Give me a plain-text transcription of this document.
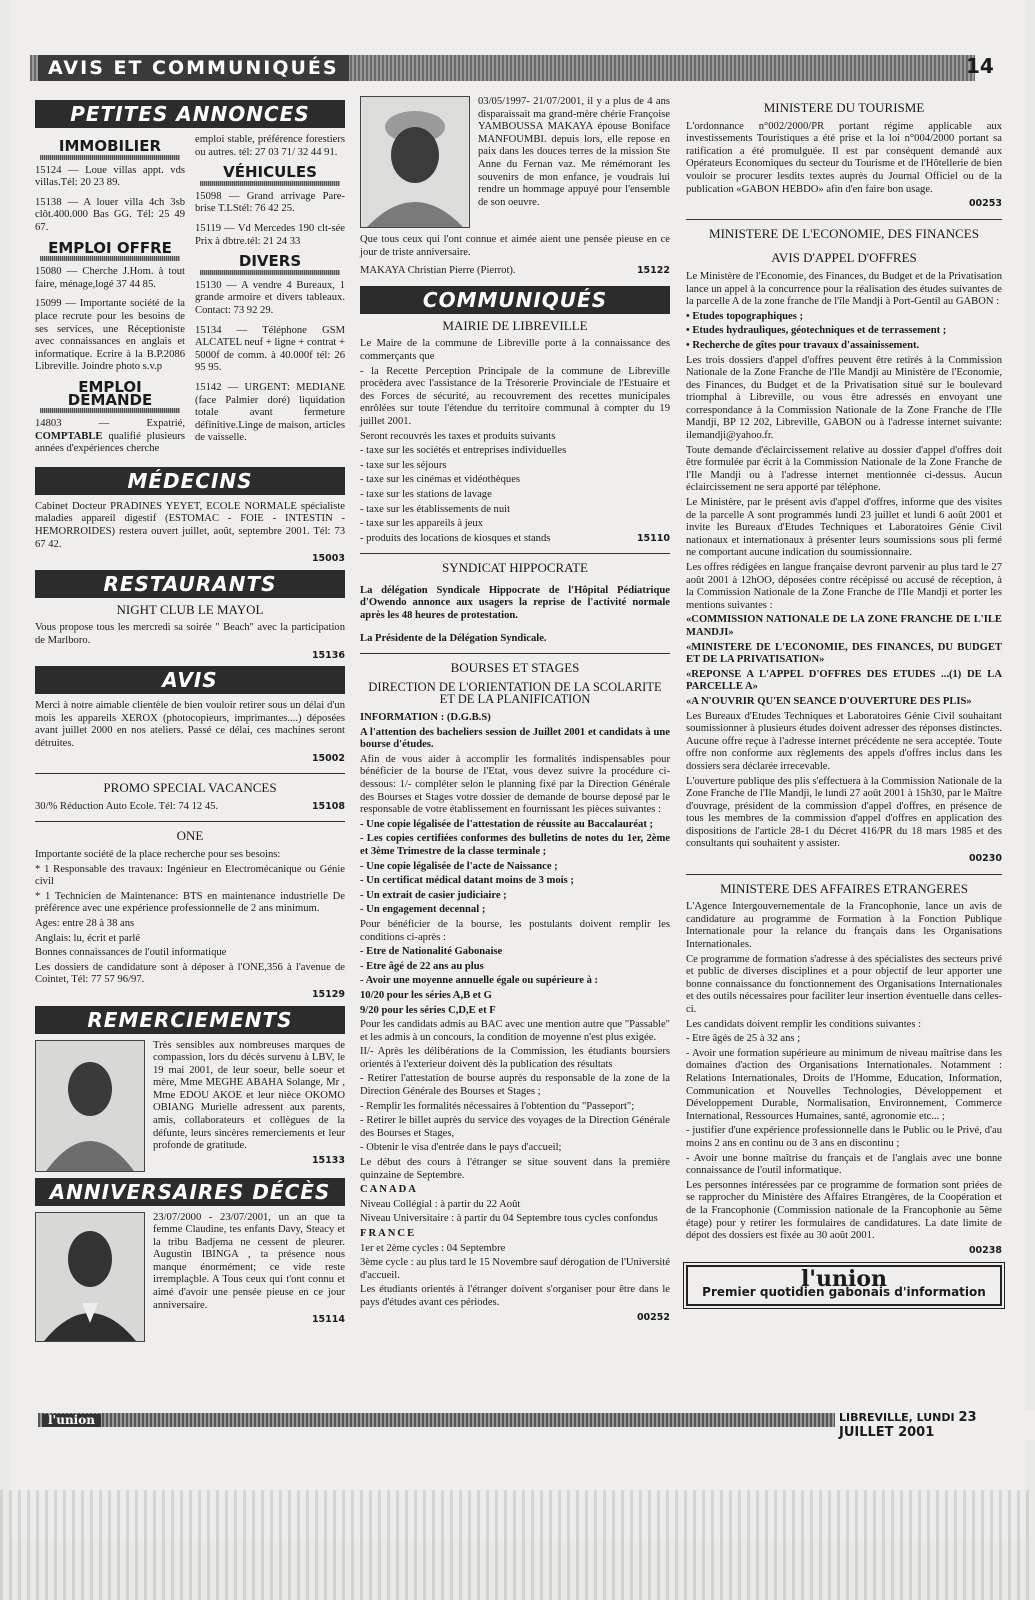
AVIS ET COMMUNIQUÉS	14
PETITES ANNONCES
IMMOBILIER
15124 — Loue villas appt. vds villas.Tél: 20 23 89.
15138 — A louer villa 4ch 3sb clôt.400.000 Bas GG. Tél: 25 49 67.
EMPLOI OFFRE
15080 — Cherche J.Hom. à tout faire, ménage,logé 37 44 85.
15099 — Importante société de la place recrute pour les besoins de ses services, une Réceptioniste avec connaissances en anglais et informatique. Ecrire à la B.P.2086 Libreville. Joindre photo s.v.p
EMPLOI DEMANDE
14803 — Expatrié, COMPTABLE qualifié plusieurs années d'expériences cherche
emploi stable, préférence forestiers ou autres. tél: 27 03 71/ 32 44 91.
VÉHICULES
15098 — Grand arrivage Pare-brise T.LStél: 76 42 25.
15119 — Vd Mercedes 190 clt-sée Prix à dbtre.tél: 21 24 33
DIVERS
15130 — A vendre 4 Bureaux, 1 grande armoire et divers tableaux. Contact: 73 92 29.
15134 — Téléphone GSM ALCATEL neuf + ligne + contrat + 5000f de comm. à 40.000f tél: 26 95 95.
15142 — URGENT: MEDIANE (face Palmier doré) liquidation totale avant fermeture définitive.Linge de maison, articles de vaisselle.
MÉDECINS

Cabinet Docteur PRADINES YEYET, ECOLE NORMALE spécialiste maladies appareil digestif (ESTOMAC - FOIE - INTESTIN - HEMORROIDES) restera ouvert juillet, août, septembre 2001. Tél: 73 67 42.

15003

RESTAURANTS
NIGHT CLUB LE MAYOL

Vous propose tous les mercredi sa soirée " Beach" avec la participation de Marlboro.

15136

AVIS

Merci à notre aimable clientèle de bien vouloir retirer sous un délai d'un mois les appareils XEROX (photocopieurs, imprimantes....) déposées avant juillet 2000 en nos ateliers. Passé ce délai, ces machines seront détruites.

15002

PROMO SPECIAL VACANCES

15108
30/% Réduction Auto Ecole. Tél: 74 12 45.

ONE

Importante société de la place recherche pour ses besoins:

* 1 Responsable des travaux: Ingénieur en Electromécanique ou Génie civil

* 1 Technicien de Maintenance: BTS en maintenance industrielle De préférence avec une expérience professionnelle de 2 ans minimum.

Ages: entre 28 à 38 ans

Anglais: lu, écrit et parlé

Bonnes connaissances de l'outil informatique

Les dossiers de candidature sont à déposer à l'ONE,356 à l'avenue de Cointet, Tél: 77 57 96/97.

15129

REMERCIEMENTS

Très sensibles aux nombreuses marques de compassion, lors du décès survenu à LBV, le 19 mai 2001, de leur soeur, belle soeur et mère, Mme MEGHE ABAHA Solange, Mr , Mme EDOU AKOE et leur nièce OKOMO OBIANG Murielle adressent aux parents, amis, collaborateurs et collègues de la défunte, leurs sincères remerciements et leur profonde de gratitude.

15133

ANNIVERSAIRES DÉCÈS

23/07/2000 - 23/07/2001, un an que ta femme Claudine, tes enfants Davy, Steacy et la tribu Badjema ne cessent de pleurer. Augustin IBINGA , ta présence nous manque énormément; ce vide reste irremplaçble. A Tous ceux qui t'ont connu et aimé d'avoir une pensée pieuse en ce jour anniversaire.

15114

03/05/1997- 21/07/2001, il y a plus de 4 ans disparaissait ma grand-mère chérie Françoise YAMBOUSSA MAKAYA épouse Boniface MANFOUMBI. depuis lors, elle repose en paix dans les douces terres de la mission Ste Anne du Fernan vaz. Me rémémorant les souvenirs de mon enfance, je voudrais lui rendre un hommage appuyé pour l'ensemble de son oeuvre.

Que tous ceux qui l'ont connue et aimée aient une pensée pieuse en ce jour de triste anniversaire.

15122
MAKAYA Christian Pierre (Pierrot).

COMMUNIQUÉS
MAIRIE DE LIBREVILLE

Le Maire de la commune de Libreville porte à la connaissance des commerçants que

- la Recette Perception Principale de la commune de Libreville procèdera avec l'assistance de la Trésorerie Provinciale de l'Estuaire et des Forces de sécurité, au recouvrement des recettes municipales enrôlées sur toute l'étendue du territoire communal à compter du 19 juillet 2001.

Seront recouvrés les taxes et produits suivants

- taxe sur les sociétés et entreprises individuelles

- taxe sur les séjours

- taxe sur les cinémas et vidéothèques

- taxe sur les stations de lavage

- taxe sur les établissements de nuit

- taxe sur les appareils à jeux

15110
- produits des locations de kiosques et stands

SYNDICAT HIPPOCRATE

La délégation Syndicale Hippocrate de l'Hôpital Pédiatrique d'Owendo annonce aux usagers la reprise de l'activité normale après les 48 heures de protestation.

La Présidente de la Délégation Syndicale.

BOURSES ET STAGES
DIRECTION DE L'ORIENTATION DE LA SCOLARITE ET DE LA PLANIFICATION

INFORMATION : (D.G.B.S)

A l'attention des bacheliers session de Juillet 2001 et candidats à une bourse d'études.

Afin de vous aider à accomplir les formalités indispensables pour bénéficier de la bourse de l'Etat, vous devez suivre la procédure ci-dessous: 1/- compléter selon le planning fixé par la Direction Générale des Bourses et Stages votre dossier de demande de bourse deposé par le responsable de votre établissement en fournissant les pièces suivantes :

- Une copie légalisée de l'attestation de réussite au Baccalauréat ;

- Les copies certifiées conformes des bulletins de notes du 1er, 2ème et 3ème Trimestre de la classe terminale ;

- Une copie légalisée de l'acte de Naissance ;

- Un certificat médical datant moins de 3 mois ;

- Un extrait de casier judiciaire ;

- Un engagement decennal ;

Pour bénéficier de la bourse, les postulants doivent remplir les conditions ci-après :

- Etre de Nationalité Gabonaise

- Etre âgé de 22 ans au plus

- Avoir une moyenne annuelle égale ou supérieure à :

10/20 pour les séries A,B et G

9/20 pour les séries C,D,E et F

Pour les candidats admis au BAC avec une mention autre que "Passable" et les admis à un concours, la condition de moyenne n'est plus exigée.

II/- Après les délibérations de la Commission, les étudiants boursiers orientés à l'exterieur doivent dès la publication des résultats

- Retirer l'attestation de bourse auprès du responsable de la zone de la Direction Générale des Bourses et Stages ;

- Remplir les formalités nécessaires à l'obtention du "Passeport";

- Retirer le billet auprès du service des voyages de la Direction Générale des Bourses et Stages,

- Obtenir le visa d'entrée dans le pays d'accueil;

Le début des cours à l'étranger se situe souvent dans la première quinzaine de Septembre.

CANADA

Niveau Collégial : à partir du 22 Août

Niveau Universitaire : à partir du 04 Septembre tous cycles confondus

FRANCE

1er et 2ème cycles : 04 Septembre

3ème cycle : au plus tard le 15 Novembre sauf dérogation de l'Université d'accueil.

Les étudiants orientés à l'étranger doivent s'organiser pour être dans le pays d'études avant ces périodes.

00252

MINISTERE DU TOURISME

L'ordonnance n°002/2000/PR portant régime applicable aux investissements Touristiques a été prise et la loi n°004/2000 portant sa ratification a été promulguée. Il est par conséquent demandé aux Opérateurs Economiques du secteur du Tourisme et de l'Hôtellerie de bien vouloir se procurer lesdits textes auprès du Journal Officiel ou de la publication «GABON HEBDO» afin d'en faire bon usage.

00253

MINISTERE DE L'ECONOMIE, DES FINANCES
AVIS D'APPEL D'OFFRES

Le Ministère de l'Economie, des Finances, du Budget et de la Privatisation lance un appel à la concurrence pour la réalisation des études suivantes de la parcelle A de la zone franche de l'île Mandji à Port-Gentil au GABON :

• Etudes topographiques ;

• Etudes hydrauliques, géotechniques et de terrassement ;

• Recherche de gîtes pour travaux d'assainissement.

Les trois dossiers d'appel d'offres peuvent être retirés à la Commission Nationale de la Zone Franche de l'Ile Mandji au Ministère de l'Economie, des Finances, du Budget et de la Privatisation situé sur le boulevard triomphal à Libreville, ou vous être adressés en envoyant une correspondance à la Commission Nationale de la Zone Franche de l'Ile Mandji, BP 12 202, Libreville, GABON ou à l'adresse internet suivante: ilemandji@yahoo.fr.

Toute demande d'éclaircissement relative au dossier d'appel d'offres doit être formulée par écrit à la Commission Nationale de la Zone Franche de l'Ile Mandji ou à l'adresse internet mentionnée ci-dessus. Aucun éclaircissement ne sera apporté par téléphone.

Le Ministère, par le présent avis d'appel d'offres, informe que des visites de la parcelle A sont programmés lundi 23 juillet et lundi 6 août 2001 et invite les Bureaux d'Etudes Techniques et Laboratoires Génie Civil nationaux et internationaux à présenter leurs soumissions sous pli fermé ne comportant aucune indication du soumissionnaire.

Les offres rédigées en langue française devront parvenir au plus tard le 27 août 2001 à 12hOO, déposées contre récépissé ou accusé de réception, à la Commission Nationale de la Zone Franche de l'Ile Mandji et porter les mentions suivantes :

«COMMISSION NATIONALE DE LA ZONE FRANCHE DE L'ILE MANDJI»

«MINISTERE DE L'ECONOMIE, DES FINANCES, DU BUDGET ET DE LA PRIVATISATION»

«REPONSE A L'APPEL D'OFFRES DES ETUDES ...(1) DE LA PARCELLE A»

«A N'OUVRIR QU'EN SEANCE D'OUVERTURE DES PLIS»

Les Bureaux d'Etudes Techniques et Laboratoires Génie Civil souhaitant soumissionner à plusieurs études doivent adresser des réponses distinctes. Aucune offre reçue à l'adresse internet précédente ne sera acceptée. Toute offre non conforme aux règlements des appels d'offres inclus dans les dossiers sera déclarée irrecevable.

L'ouverture publique des plis s'effectuera à la Commission Nationale de la Zone Franche de l'Ile Mandji, le lundi 27 août 2001 à 15h30, par le Maître d'ouvrage, président de la commission d'appel d'offres, en présence de tous les membres de la commission d'appel d'offres en application des dispositions de l'article 28-1 du Décret 416/PR du 18 mars 1985 et des consultants qui souhaitent y assister.

00230

MINISTERE DES AFFAIRES ETRANGERES

L'Agence Intergouvernementale de la Francophonie, lance un avis de candidature au programme de Formation à la Fonction Publique Internationale pour la relance du français dans les Organisations Internationales.

Ce programme de formation s'adresse à des spécialistes des secteurs privé et public de diverses disciplines et a pour objectif de leur apporter une bonne connaissance du fonctionnement des Organisations Internationales et des outils nécessaires pour faciliter leur insertion éventuelle dans celles-ci.

Les candidats doivent remplir les conditions suivantes :

- Etre âgés de 25 à 32 ans ;

- Avoir une formation supérieure au minimum de niveau maîtrise dans les domaines d'action des Organisations Internationales. Notamment : Relations Internationales, Droits de l'Homme, Education, Information, Communication et Nouvelles Technologies, Développement et Développement Durable, Normalisation, Environnement, Commerce International, Ressources Humaines, santé, agronomie etc... ;

- justifier d'une expérience professionnelle dans le Public ou le Privé, d'au moins 2 ans en continu ou de 3 ans en discontinu ;

- Avoir une bonne maîtrise du français et de l'anglais avec une bonne connaissance de l'outil informatique.

Les personnes intéressées par ce programme de formation sont priées de se rapprocher du Ministère des Affaires Etrangères, de la Coopération et de la Francophonie (Commission nationale de la Francophonie au 5ème étage) pour y retirer les formulaires de candidatures. La date limite de dépot des dossiers est fixée au 30 août 2001.

00238

l'union
Premier quotidien gabonais d'information
l'union	LIBREVILLE, LUNDI 23 JUILLET 2001
